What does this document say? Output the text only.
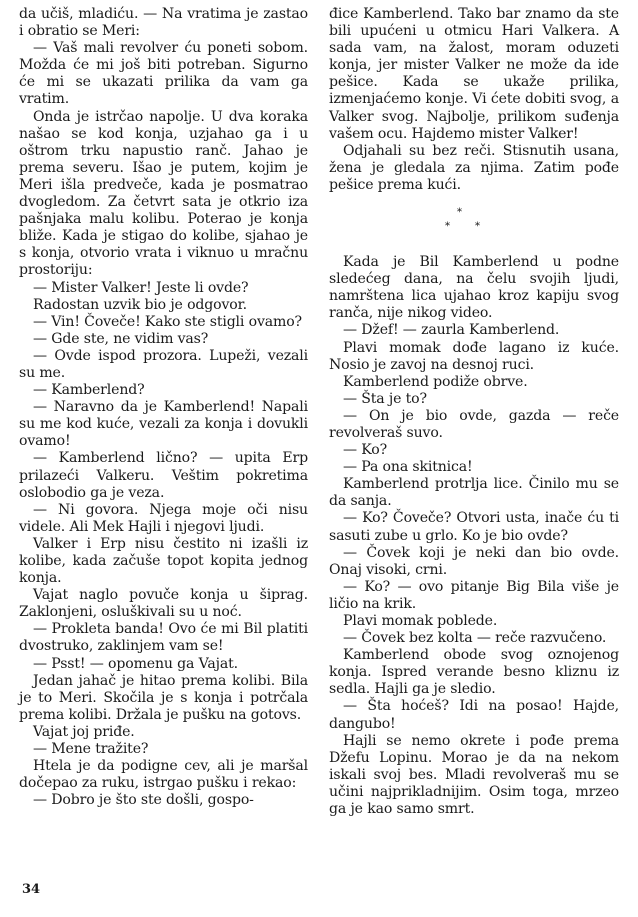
da učiš, mladiću. — Na vratima je zastao i obratio se Meri:

— Vaš mali revolver ću poneti sobom. Možda će mi još biti potreban. Sigurno će mi se ukazati prilika da vam ga vratim.

Onda je istrčao napolje. U dva koraka našao se kod konja, uzjahao ga i u oštrom trku napustio ranč. Jahao je prema severu. Išao je putem, kojim je Meri išla predveče, kada je posmatrao dvogledom. Za četvrt sata je otkrio iza pašnjaka malu kolibu. Poterao je konja bliže. Kada je stigao do kolibe, sjahao je s konja, otvorio vrata i viknuo u mračnu prostoriju:

— Mister Valker! Jeste li ovde?

Radostan uzvik bio je odgovor.

— Vin! Čoveče! Kako ste stigli ovamo?

— Gde ste, ne vidim vas?

— Ovde ispod prozora. Lupeži, vezali su me.

— Kamberlend?

— Naravno da je Kamberlend! Napali su me kod kuće, vezali za konja i dovukli ovamo!

— Kamberlend lično? — upita Erp prilazeći Valkeru. Veštim pokretima oslobodio ga je veza.

— Ni govora. Njega moje oči nisu videle. Ali Mek Hajli i njegovi ljudi.

Valker i Erp nisu čestito ni izašli iz kolibe, kada začuše topot kopita jednog konja.

Vajat naglo povuče konja u šiprag. Zaklonjeni, osluškivali su u noć.

— Prokleta banda! Ovo će mi Bil platiti dvostruko, zaklinjem vam se!

— Psst! — opomenu ga Vajat.

Jedan jahač je hitao prema kolibi. Bila je to Meri. Skočila je s konja i potrčala prema kolibi. Držala je pušku na gotovs.

Vajat joj priđe.

— Mene tražite?

Htela je da podigne cev, ali je maršal dočepao za ruku, istrgao pušku i rekao:

— Dobro je što ste došli, gospo-

đice Kamberlend. Tako bar znamo da ste bili upućeni u otmicu Hari Valkera. A sada vam, na žalost, moram oduzeti konja, jer mister Valker ne može da ide pešice. Kada se ukaže prilika, izmenjaćemo konje. Vi ćete dobiti svog, a Valker svog. Najbolje, prilikom suđenja vašem ocu. Hajdemo mister Valker!

Odjahali su bez reči. Stisnutih usana, žena je gledala za njima. Zatim pođe pešice prema kući.

*
*	*

Kada je Bil Kamberlend u podne sledećeg dana, na čelu svojih ljudi, namrštena lica ujahao kroz kapiju svog ranča, nije nikog video.

— Džef! — zaurla Kamberlend.

Plavi momak dođe lagano iz kuće. Nosio je zavoj na desnoj ruci.

Kamberlend podiže obrve.

— Šta je to?

— On je bio ovde, gazda — reče revolveraš suvo.

— Ko?

— Pa ona skitnica!

Kamberlend protrlja lice. Činilo mu se da sanja.

— Ko? Čoveče? Otvori usta, inače ću ti sasuti zube u grlo. Ko je bio ovde?

— Čovek koji je neki dan bio ovde. Onaj visoki, crni.

— Ko? — ovo pitanje Big Bila više je ličio na krik.

Plavi momak poblede.

— Čovek bez kolta — reče razvučeno.

Kamberlend obode svog oznojenog konja. Ispred verande besno kliznu iz sedla. Hajli ga je sledio.

— Šta hoćeš? Idi na posao! Hajde, dangubo!

Hajli se nemo okrete i pođe prema Džefu Lopinu. Morao je da na nekom iskali svoj bes. Mladi revolveraš mu se učini najprikladnijim. Osim toga, mrzeo ga je kao samo smrt.

34
